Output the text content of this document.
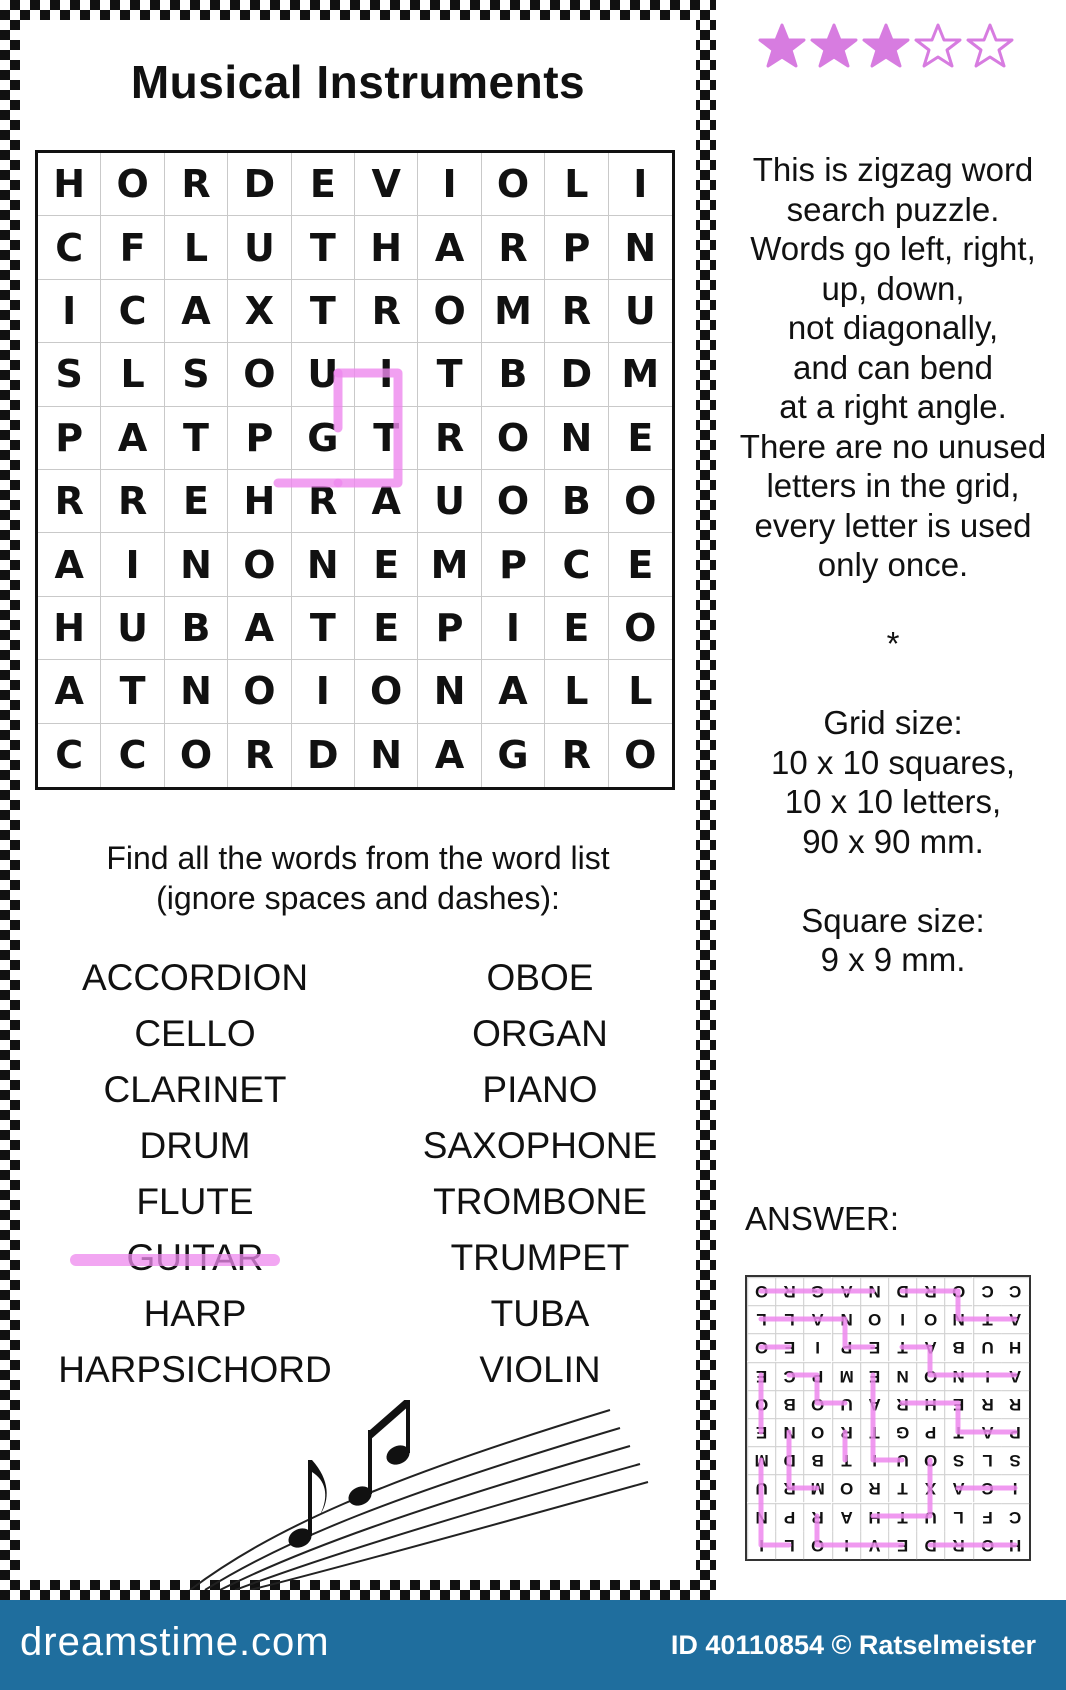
Musical Instruments
H O R D E V	I	O L	I
C F	L U T H A R P N
I	C A X T R O M R U
S L S O U	I	T B D M
P A T P G T R O N E
R R E H R A U O B O
A	I	N O N E M P C E
H U B A T E P	I	E O
A T N O	I	O N A L	L
C C O R D N A G R O
Find all the words from the word list
(ignore spaces and dashes):
ACCORDION
CELLO
CLARINET
DRUM
FLUTE
HARP
HARPSICHORD
OBOE
ORGAN
PIANO
SAXOPHONE
TROMBONE
TRUMPET
TUBA
VIOLIN
This is zigzag word
search puzzle.
Words go left, right,
up, down,
not diagonally,
and can bend
at a right angle.
There are no unused
letters in the grid,
every letter is used
only once.

*

Grid size:
10 x 10 squares,
10 x 10 letters,
90 x 90 mm.

Square size:
9 x 9 mm.
ANSWER:
O R G A N D R O C C
L	L A N O	I	O N T A
O E	I	P E	T A B U H
E C P M E N O N	I	A
O B O U A R H E R R
E N O R T G P	T A P
M D B T	I	U O S	L S
U R M O R T	X A C	I
N P R A H T U L	F C
I	L O	I	V E D R O H
dreamstime.com	ID 40110854 © Ratselmeister
